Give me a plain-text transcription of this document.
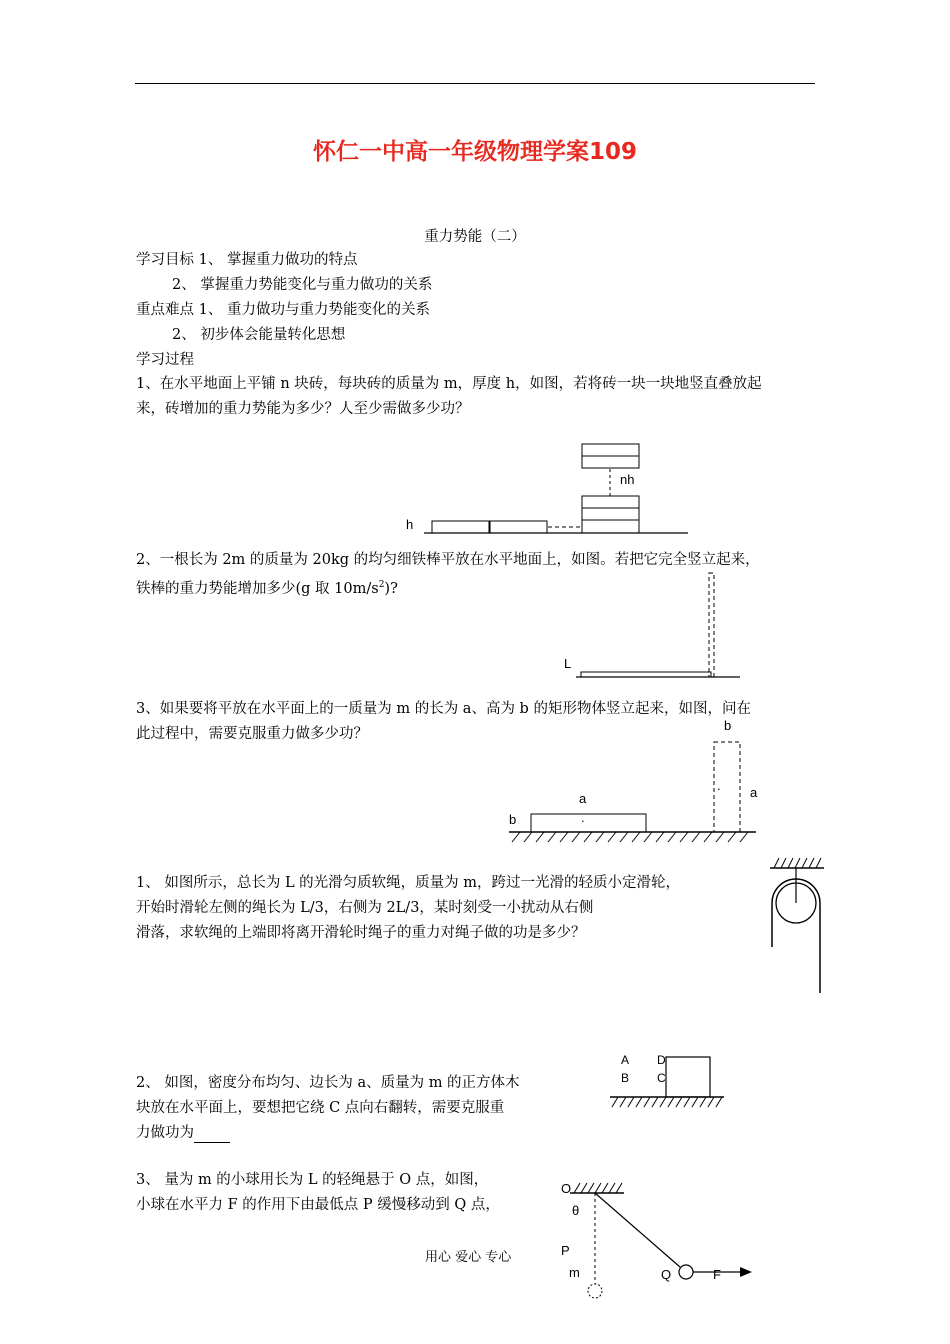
怀仁一中高一年级物理学案109
重力势能（二）
学习目标 1、 掌握重力做功的特点
2、 掌握重力势能变化与重力做功的关系
重点难点 1、 重力做功与重力势能变化的关系
2、 初步体会能量转化思想
学习过程
1、在水平地面上平铺 n 块砖，每块砖的质量为 m，厚度 h，如图，若将砖一块一块地竖直叠放起
来，砖增加的重力势能为多少？人至少需做多少功？
h
nh
2、一根长为 2m 的质量为 20kg 的均匀细铁棒平放在水平地面上，如图。若把它完全竖立起来，
铁棒的重力势能增加多少(g 取 $10m/s^2$)?
L
3、如果要将平放在水平面上的一质量为 m 的长为 a、高为 b 的矩形物体竖立起来，如图，问在
此过程中，需要克服重力做多少功？
b
a
.
a
.
b
1、 如图所示，总长为 L 的光滑匀质软绳，质量为 m，跨过一光滑的轻质小定滑轮，
开始时滑轮左侧的绳长为 L/3，右侧为 2L/3，某时刻受一小扰动从右侧
滑落，求软绳的上端即将离开滑轮时绳子的重力对绳子做的功是多少？
A
B
D
C
2、 如图，密度分布均匀、边长为 a、质量为 m 的正方体木
块放在水平面上，要想把它绕 C 点向右翻转，需要克服重
力做功为
3、 量为 m 的小球用长为 L 的轻绳悬于 O 点，如图，
小球在水平力 F 的作用下由最低点 P 缓慢移动到 Q 点，
O
θ
P
m	Q	F
用心 爱心 专心
